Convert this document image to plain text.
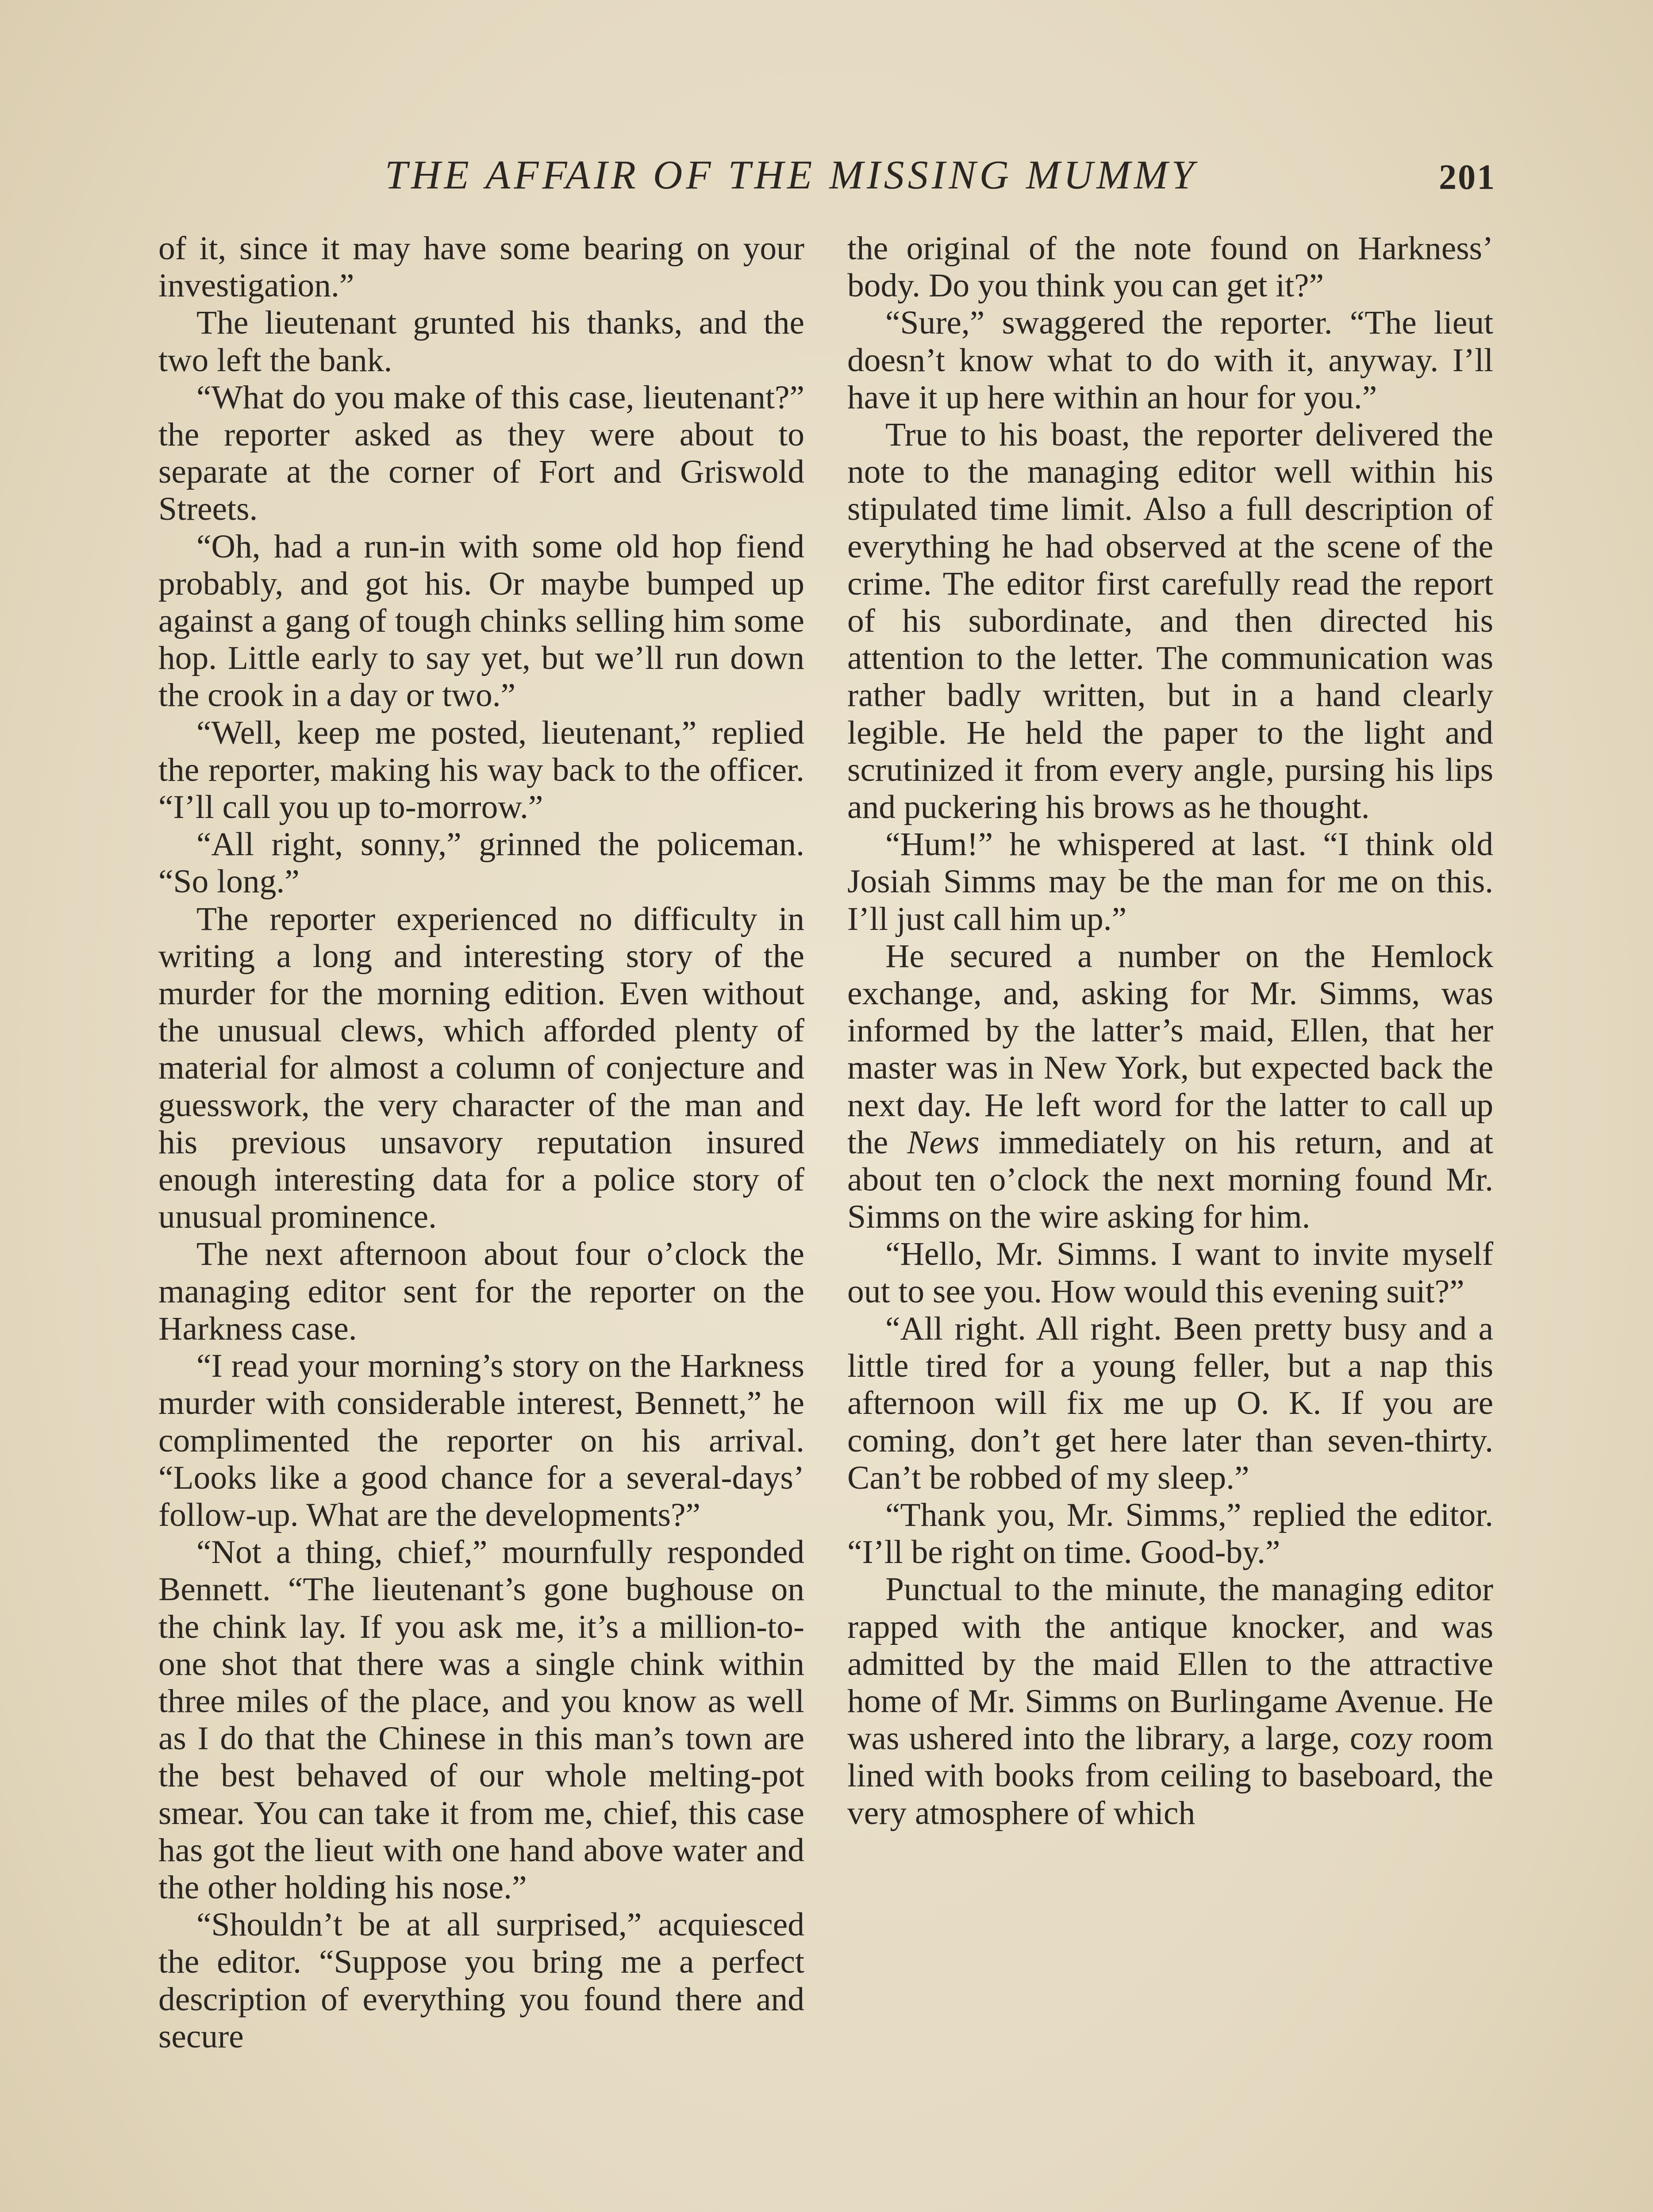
THE AFFAIR OF THE MISSING MUMMY	201

of it, since it may have some bearing on your investigation.”

The lieutenant grunted his thanks, and the two left the bank.

“What do you make of this case, lieutenant?” the reporter asked as they were about to separate at the corner of Fort and Griswold Streets.

“Oh, had a run-in with some old hop fiend probably, and got his. Or maybe bumped up against a gang of tough chinks selling him some hop. Little early to say yet, but we’ll run down the crook in a day or two.”

“Well, keep me posted, lieutenant,” replied the reporter, making his way back to the officer. “I’ll call you up to-morrow.”

“All right, sonny,” grinned the policeman. “So long.”

The reporter experienced no difficulty in writing a long and interesting story of the murder for the morning edition. Even without the unusual clews, which afforded plenty of material for almost a column of conjecture and guesswork, the very character of the man and his previous unsavory reputation insured enough interesting data for a police story of unusual prominence.

The next afternoon about four o’clock the managing editor sent for the reporter on the Harkness case.

“I read your morning’s story on the Harkness murder with considerable interest, Bennett,” he complimented the reporter on his arrival. “Looks like a good chance for a several-days’ follow-up. What are the developments?”

“Not a thing, chief,” mournfully responded Bennett. “The lieutenant’s gone bughouse on the chink lay. If you ask me, it’s a million-to-one shot that there was a single chink within three miles of the place, and you know as well as I do that the Chinese in this man’s town are the best behaved of our whole melting-pot smear. You can take it from me, chief, this case has got the lieut with one hand above water and the other holding his nose.”

“Shouldn’t be at all surprised,” acquiesced the editor. “Suppose you bring me a perfect description of everything you found there and secure

the original of the note found on Harkness’ body. Do you think you can get it?”

“Sure,” swaggered the reporter. “The lieut doesn’t know what to do with it, anyway. I’ll have it up here within an hour for you.”

True to his boast, the reporter delivered the note to the managing editor well within his stipulated time limit. Also a full description of everything he had observed at the scene of the crime. The editor first carefully read the report of his subordinate, and then directed his attention to the letter. The communication was rather badly written, but in a hand clearly legible. He held the paper to the light and scrutinized it from every angle, pursing his lips and puckering his brows as he thought.

“Hum!” he whispered at last. “I think old Josiah Simms may be the man for me on this. I’ll just call him up.”

He secured a number on the Hemlock exchange, and, asking for Mr. Simms, was informed by the latter’s maid, Ellen, that her master was in New York, but expected back the next day. He left word for the latter to call up the News immediately on his return, and at about ten o’clock the next morning found Mr. Simms on the wire asking for him.

“Hello, Mr. Simms. I want to invite myself out to see you. How would this evening suit?”

“All right. All right. Been pretty busy and a little tired for a young feller, but a nap this afternoon will fix me up O. K. If you are coming, don’t get here later than seven-thirty. Can’t be robbed of my sleep.”

“Thank you, Mr. Simms,” replied the editor. “I’ll be right on time. Good-by.”

Punctual to the minute, the managing editor rapped with the antique knocker, and was admitted by the maid Ellen to the attractive home of Mr. Simms on Burlingame Avenue. He was ushered into the library, a large, cozy room lined with books from ceiling to baseboard, the very atmosphere of which
